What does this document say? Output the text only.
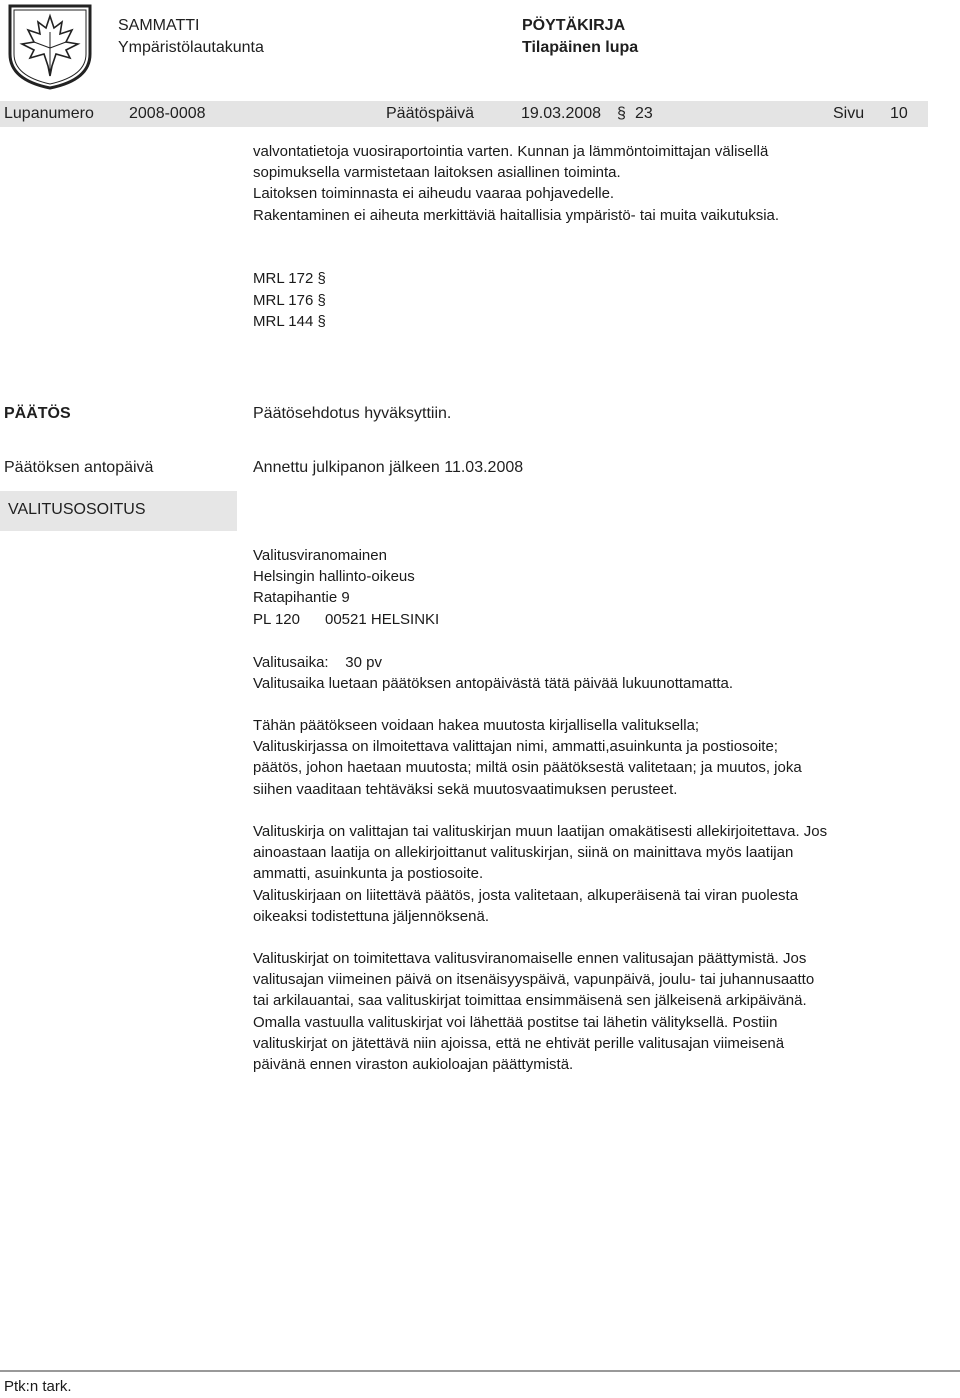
SAMMATTI
Ympäristölautakunta
PÖYTÄKIRJA
Tilapäinen lupa
Lupanumero 2008-0008	Päätöspäivä	19.03.2008 § 23	Sivu 10
valvontatietoja vuosiraportointia varten. Kunnan ja lämmöntoimittajan välisellä
sopimuksella varmistetaan laitoksen asiallinen toiminta.
Laitoksen toiminnasta ei aiheudu vaaraa pohjavedelle.
Rakentaminen ei aiheuta merkittäviä haitallisia ympäristö- tai muita vaikutuksia.
MRL 172 §
MRL 176 §
MRL 144 §
PÄÄTÖS	Päätösehdotus hyväksyttiin.
Päätöksen antopäivä	Annettu julkipanon jälkeen 11.03.2008
VALITUSOSOITUS
Valitusviranomainen
Helsingin hallinto-oikeus
Ratapihantie 9
PL 120      00521 HELSINKI
Valitusaika:    30 pv
Valitusaika luetaan päätöksen antopäivästä tätä päivää lukuunottamatta.
Tähän päätökseen voidaan hakea muutosta kirjallisella valituksella;
Valituskirjassa on ilmoitettava valittajan nimi, ammatti,asuinkunta ja postiosoite;
päätös, johon haetaan muutosta; miltä osin päätöksestä valitetaan; ja muutos, joka
siihen vaaditaan tehtäväksi sekä muutosvaatimuksen perusteet.
Valituskirja on valittajan tai valituskirjan muun laatijan omakätisesti allekirjoitettava. Jos
ainoastaan laatija on allekirjoittanut valituskirjan, siinä on mainittava myös laatijan
ammatti, asuinkunta ja postiosoite.
Valituskirjaan on liitettävä päätös, josta valitetaan, alkuperäisenä tai viran puolesta
oikeaksi todistettuna jäljennöksenä.
Valituskirjat on toimitettava valitusviranomaiselle ennen valitusajan päättymistä. Jos
valitusajan viimeinen päivä on itsenäisyyspäivä, vapunpäivä, joulu- tai juhannusaatto
tai arkilauantai, saa valituskirjat toimittaa ensimmäisenä sen jälkeisenä arkipäivänä.
Omalla vastuulla valituskirjat voi lähettää postitse tai lähetin välityksellä. Postiin
valituskirjat on jätettävä niin ajoissa, että ne ehtivät perille valitusajan viimeisenä
päivänä ennen viraston aukioloajan päättymistä.
Ptk:n tark.
